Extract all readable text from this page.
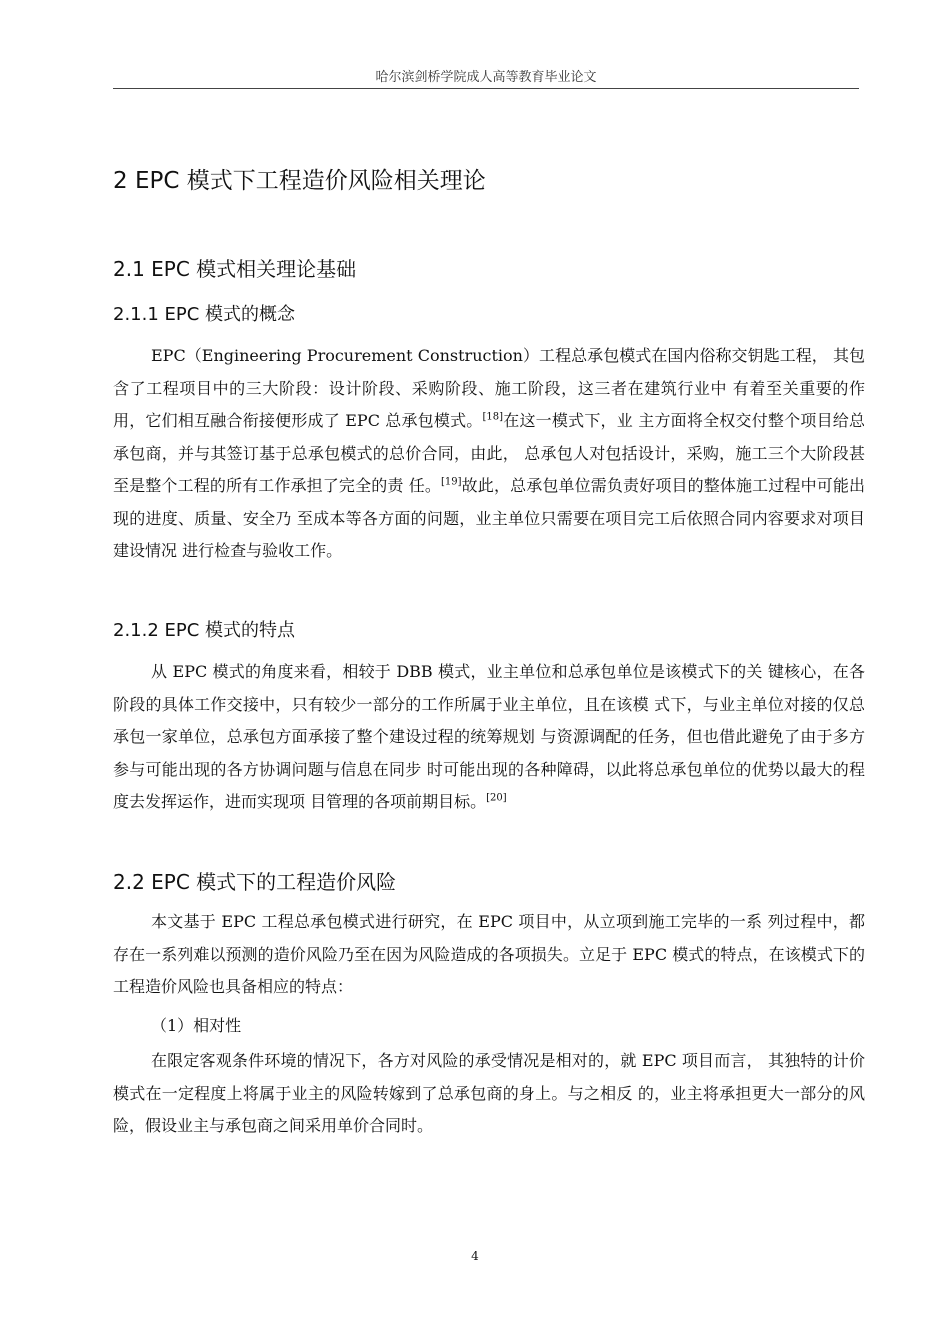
哈尔滨剑桥学院成人高等教育毕业论文
2 EPC 模式下工程造价风险相关理论
2.1 EPC 模式相关理论基础
2.1.1 EPC 模式的概念

EPC（Engineering Procurement Construction）工程总承包模式在国内俗称交钥匙工程， 其包含了工程项目中的三大阶段：设计阶段、采购阶段、施工阶段，这三者在建筑行业中 有着至关重要的作用，它们相互融合衔接便形成了 EPC 总承包模式。[18]在这一模式下，业 主方面将全权交付整个项目给总承包商，并与其签订基于总承包模式的总价合同，由此， 总承包人对包括设计，采购，施工三个大阶段甚至是整个工程的所有工作承担了完全的责 任。[19]故此，总承包单位需负责好项目的整体施工过程中可能出现的进度、质量、安全乃 至成本等各方面的问题，业主单位只需要在项目完工后依照合同内容要求对项目建设情况 进行检查与验收工作。

2.1.2 EPC 模式的特点

从 EPC 模式的角度来看，相较于 DBB 模式，业主单位和总承包单位是该模式下的关 键核心，在各阶段的具体工作交接中，只有较少一部分的工作所属于业主单位，且在该模 式下，与业主单位对接的仅总承包一家单位，总承包方面承接了整个建设过程的统筹规划 与资源调配的任务，但也借此避免了由于多方参与可能出现的各方协调问题与信息在同步 时可能出现的各种障碍，以此将总承包单位的优势以最大的程度去发挥运作，进而实现项 目管理的各项前期目标。[20]

2.2 EPC 模式下的工程造价风险

本文基于 EPC 工程总承包模式进行研究，在 EPC 项目中，从立项到施工完毕的一系 列过程中，都存在一系列难以预测的造价风险乃至在因为风险造成的各项损失。立足于 EPC 模式的特点，在该模式下的工程造价风险也具备相应的特点：

（1）相对性

在限定客观条件环境的情况下，各方对风险的承受情况是相对的，就 EPC 项目而言， 其独特的计价模式在一定程度上将属于业主的风险转嫁到了总承包商的身上。与之相反 的，业主将承担更大一部分的风险，假设业主与承包商之间采用单价合同时。

4
